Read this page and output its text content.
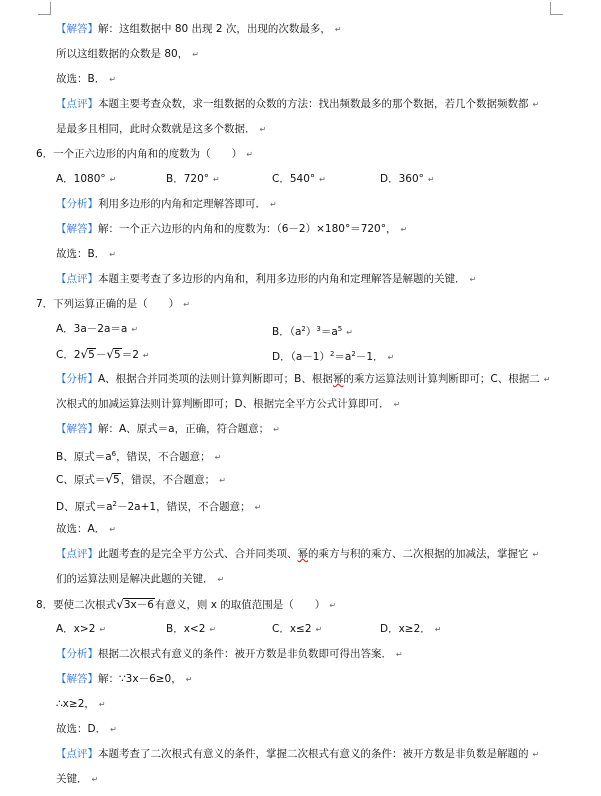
【解答】解：这组数据中 80 出现 2 次，出现的次数最多， ↵
所以这组数据的众数是 80， ↵
故选：B． ↵
【点评】本题主要考查众数，求一组数据的众数的方法：找出频数最多的那个数据，若几个数据频数都 ↵
是最多且相同，此时众数就是这多个数据． ↵
6．一个正六边形的内角和的度数为（　　） ↵
A．1080° ↵	B．720° ↵	C．540° ↵	D．360° ↵
【分析】利用多边形的内角和定理解答即可． ↵
【解答】解：一个正六边形的内角和的度数为：（6－2）×180°＝720°， ↵
故选：B． ↵
【点评】本题主要考查了多边形的内角和，利用多边形的内角和定理解答是解题的关键． ↵
7．下列运算正确的是（　　） ↵
A．3a－2a＝a ↵	B．$(a^2)^3=a^5$ ↵
C．2√5－√5＝2 ↵	D．$(a-1)^2=a^2-1$． ↵
【分析】A、根据合并同类项的法则计算判断即可；B、根据幂的乘方运算法则计算判断即可；C、根据二 ↵
次根式的加减运算法则计算判断即可；D、根据完全平方公式计算即可． ↵
【解答】解：A、原式＝a，正确，符合题意； ↵
B、原式$=a^6$，错误，不合题意； ↵
C、原式＝√5，错误，不合题意； ↵
D、原式$=a^2-2a+1$，错误，不合题意； ↵
故选：A． ↵
【点评】此题考查的是完全平方公式、合并同类项、幂的乘方与积的乘方、二次根据的加减法，掌握它 ↵
们的运算法则是解决此题的关键． ↵
8．要使二次根式√3x－6有意义，则 x 的取值范围是（　　） ↵
A．x>2 ↵	B．x<2 ↵	C．x≤2 ↵	D．x≥2． ↵
【分析】根据二次根式有意义的条件：被开方数是非负数即可得出答案． ↵
【解答】解：∵3x－6≥0， ↵
∴x≥2， ↵
故选：D． ↵
【点评】本题考查了二次根式有意义的条件，掌握二次根式有意义的条件：被开方数是非负数是解题的 ↵
关键． ↵
